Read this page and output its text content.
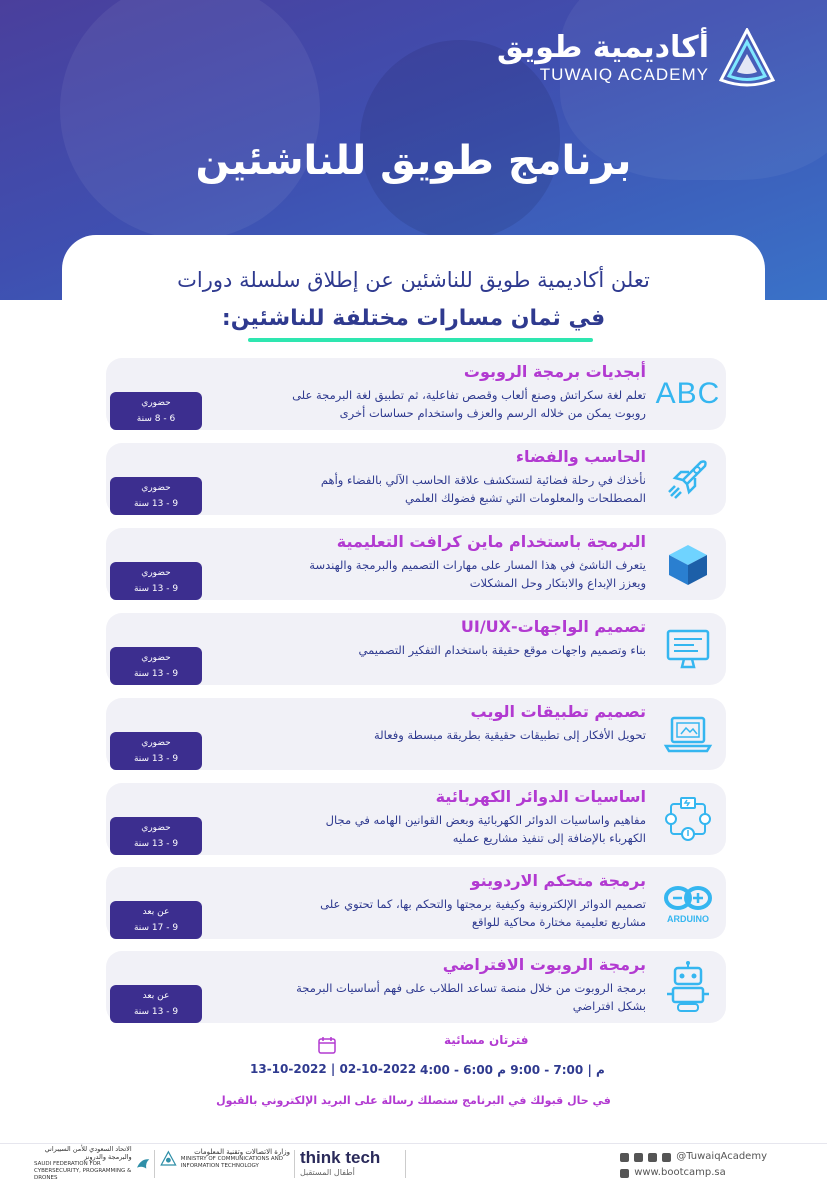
أكاديمية طويق
TUWAIQ ACADEMY
برنامج طويق للناشئين
تعلن أكاديمية طويق للناشئين عن إطلاق سلسلة دورات
في ثمان مسارات مختلفة للناشئين:
ABC
أبجديات برمجة الروبوت
تعلم لغة سكراتش وصنع ألعاب وقصص تفاعلية، ثم تطبيق لغة البرمجة على روبوت يمكن من خلاله الرسم والعزف واستخدام حساسات أخرى
حضوري
6 - 8 سنة
الحاسب والفضاء
نأخذك في رحلة فضائية لتستكشف علاقة الحاسب الآلي بالفضاء وأهم المصطلحات والمعلومات التي تشبع فضولك العلمي
حضوري
9 - 13 سنة
البرمجة باستخدام ماين كرافت التعليمية
يتعرف الناشئ في هذا المسار على مهارات التصميم والبرمجة والهندسة ويعزز الإبداع والابتكار وحل المشكلات
حضوري
9 - 13 سنة
تصميم الواجهات-UI/UX
بناء وتصميم واجهات موقع حقيقة باستخدام التفكير التصميمي
حضوري
9 - 13 سنة
تصميم تطبيقات الويب
تحويل الأفكار إلى تطبيقات حقيقية بطريقة مبسطة وفعالة
حضوري
9 - 13 سنة
اساسيات الدوائر الكهربائية
مفاهيم واساسيات الدوائر الكهربائية وبعض القوانين الهامه في مجال الكهرباء بالإضافة إلى تنفيذ مشاريع عمليه
حضوري
9 - 13 سنة
ARDUINO
برمجة متحكم الاردوينو
تصميم الدوائر الإلكترونية وكيفية برمجتها والتحكم بها، كما تحتوي على مشاريع تعليمية مختارة محاكية للواقع
عن بعد
9 - 17 سنة
برمجة الروبوت الافتراضي
برمجة الروبوت من خلال منصة تساعد الطلاب على فهم أساسيات البرمجة بشكل افتراضي
عن بعد
9 - 13 سنة
فترتان مسائية
4:00 - 6:00 م | 7:00 - 9:00 م
13-10-2022 | 02-10-2022
في حال قبولك في البرنامج ستصلك رسالة على البريد الإلكتروني بالقبول
@TuwaiqAcademy
www.bootcamp.sa
think tech
أطفال المستقبل
وزارة الاتصالات وتقنية المعلومات
MINISTRY OF COMMUNICATIONS AND INFORMATION TECHNOLOGY
الاتحاد السعودي للأمن السيبراني والبرمجة والدرونز
SAUDI FEDERATION FOR CYBERSECURITY, PROGRAMMING & DRONES
